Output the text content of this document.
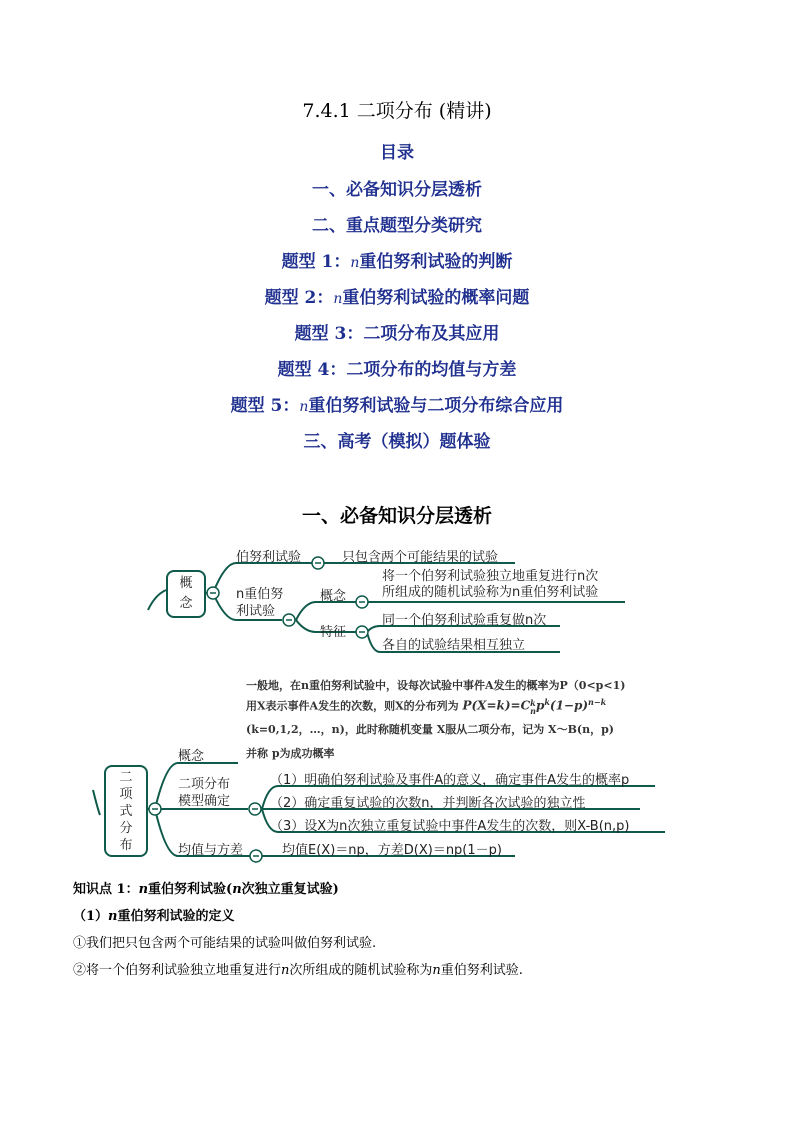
7.4.1 二项分布 (精讲)
目录
一、必备知识分层透析
二、重点题型分类研究
题型 1：n重伯努利试验的判断
题型 2：n重伯努利试验的概率问题
题型 3：二项分布及其应用
题型 4：二项分布的均值与方差
题型 5：n重伯努利试验与二项分布综合应用
三、高考（模拟）题体验
一、必备知识分层透析
概
念
伯努利试验	只包含两个可能结果的试验
n重伯努
利试验
概念
将一个伯努利试验独立地重复进行n次
所组成的随机试验称为n重伯努利试验
特征
同一个伯努利试验重复做n次
各自的试验结果相互独立
一般地，在n重伯努利试验中，设每次试验中事件A发生的概率为P（0<p<1)
用X表示事件A发生的次数，则X的分布列为 P(X=k)=Ck
$np^k(1-p)^{n-k}$
(k=0,1,2，…，n)，此时称随机变量 X服从二项分布，记为 X～B(n，p)
并称 p为成功概率
二
项
式
分
布
概念
二项分布
模型确定
（1）明确伯努利试验及事件A的意义，确定事件A发生的概率p
（2）确定重复试验的次数n，并判断各次试验的独立性
（3）设X为n次独立重复试验中事件A发生的次数，则X-B(n,p)
均值与方差	均值E(X)＝np，方差D(X)＝np(1－p)
知识点 1：n重伯努利试验(n次独立重复试验)
（1）n重伯努利试验的定义
①我们把只包含两个可能结果的试验叫做伯努利试验.
②将一个伯努利试验独立地重复进行n次所组成的随机试验称为n重伯努利试验.
